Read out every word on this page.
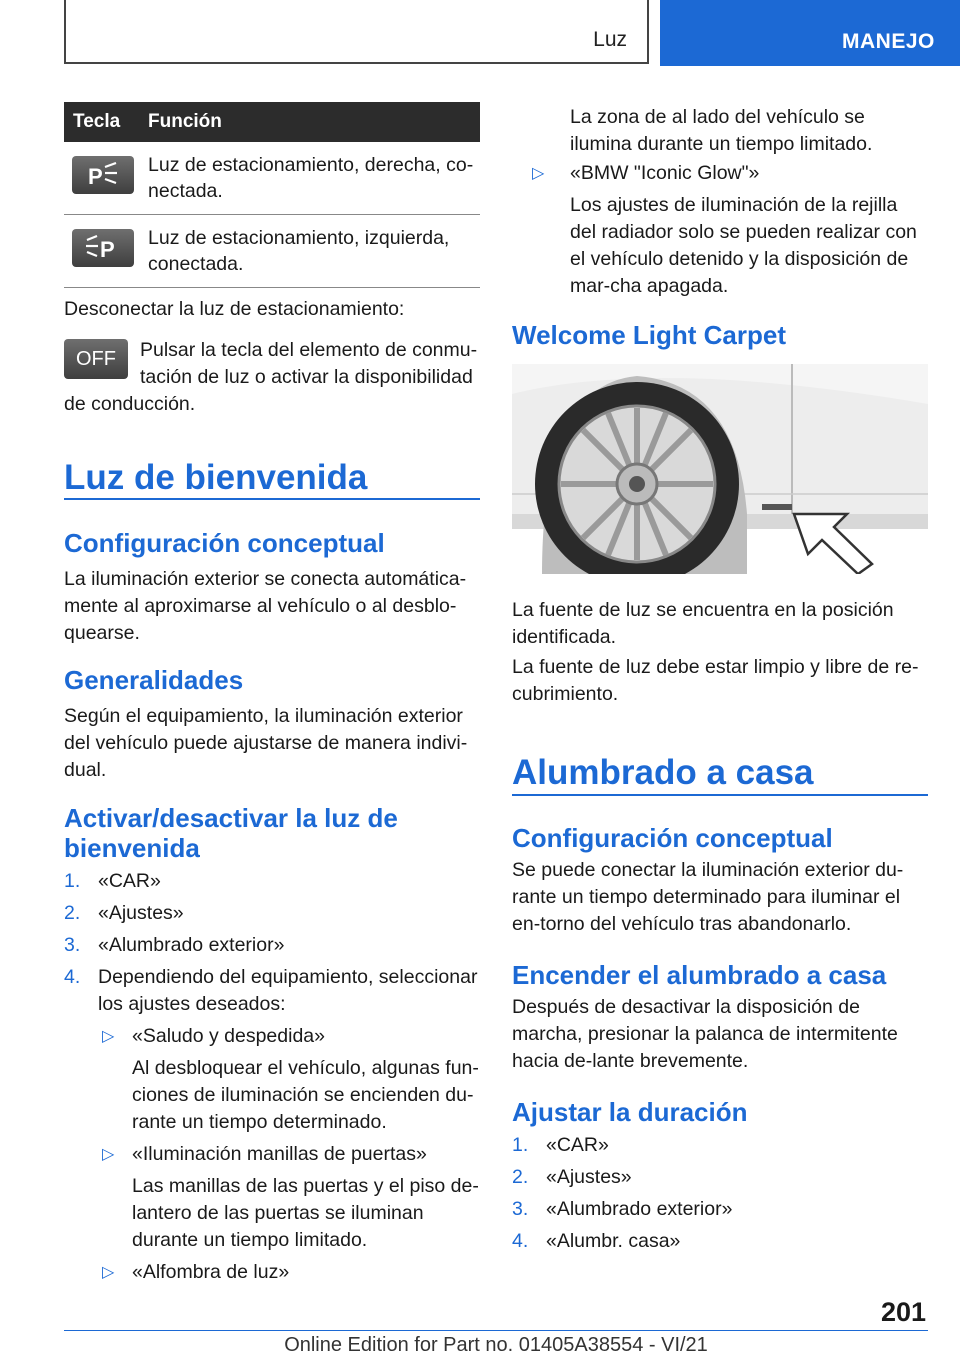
Luz	MANEJO
Tecla	Función
P Luz de estacionamiento, derecha, co-nectada.
P Luz de estacionamiento, izquierda, conectada.

Desconectar la luz de estacionamiento:

OFF	Pulsar la tecla del elemento de conmu-tación de luz o activar la disponibilidad de conducción.

Luz de bienvenida
Configuración conceptual

La iluminación exterior se conecta automática-mente al aproximarse al vehículo o al desblo-quearse.

Generalidades

Según el equipamiento, la iluminación exterior del vehículo puede ajustarse de manera indivi-dual.

Activar/desactivar la luz de bienvenida
1. «CAR»
2. «Ajustes»
3. «Alumbrado exterior»
4. Dependiendo del equipamiento, seleccionar los ajustes deseados:
▷ «Saludo y despedida»

Al desbloquear el vehículo, algunas fun-ciones de iluminación se encienden du-rante un tiempo determinado.

▷ «Iluminación manillas de puertas»

Las manillas de las puertas y el piso de-lantero de las puertas se iluminan durante un tiempo limitado.

▷ «Alfombra de luz»

La zona de al lado del vehículo se ilumina durante un tiempo limitado.

▷	«BMW "Iconic Glow"»

Los ajustes de iluminación de la rejilla del radiador solo se pueden realizar con el vehículo detenido y la disposición de mar-cha apagada.

Welcome Light Carpet

La fuente de luz se encuentra en la posición identificada.

La fuente de luz debe estar limpio y libre de re-cubrimiento.

Alumbrado a casa
Configuración conceptual

Se puede conectar la iluminación exterior du-rante un tiempo determinado para iluminar el en-torno del vehículo tras abandonarlo.

Encender el alumbrado a casa

Después de desactivar la disposición de marcha, presionar la palanca de intermitente hacia de-lante brevemente.

Ajustar la duración
1. «CAR»
2. «Ajustes»
3. «Alumbrado exterior»
4. «Alumbr. casa»
201
Online Edition for Part no. 01405A38554 - VI/21
